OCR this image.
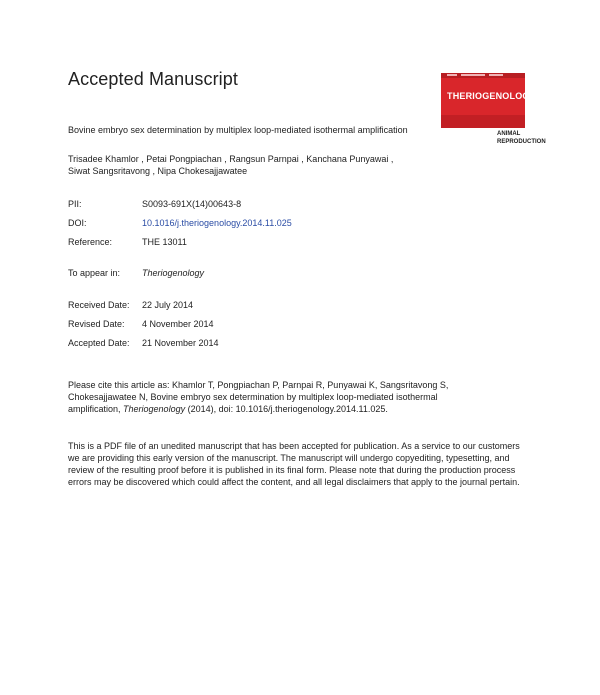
Accepted Manuscript
THERIOGENOLOGY
ANIMAL
REPRODUCTION
Bovine embryo sex determination by multiplex loop-mediated isothermal amplification
Trisadee Khamlor , Petai Pongpiachan , Rangsun Parnpai , Kanchana Punyawai ,
Siwat Sangsritavong , Nipa Chokesajjawatee
PII:	S0093-691X(14)00643-8
DOI:	10.1016/j.theriogenology.2014.11.025
Reference:	THE 13011
To appear in: Theriogenology
Received Date: 22 July 2014
Revised Date: 4 November 2014
Accepted Date: 21 November 2014
Please cite this article as: Khamlor T, Pongpiachan P, Parnpai R, Punyawai K, Sangsritavong S, Chokesajjawatee N, Bovine embryo sex determination by multiplex loop-mediated isothermal amplification, Theriogenology (2014), doi: 10.1016/j.theriogenology.2014.11.025.
This is a PDF file of an unedited manuscript that has been accepted for publication. As a service to our customers we are providing this early version of the manuscript. The manuscript will undergo copyediting, typesetting, and review of the resulting proof before it is published in its final form. Please note that during the production process errors may be discovered which could affect the content, and all legal disclaimers that apply to the journal pertain.
